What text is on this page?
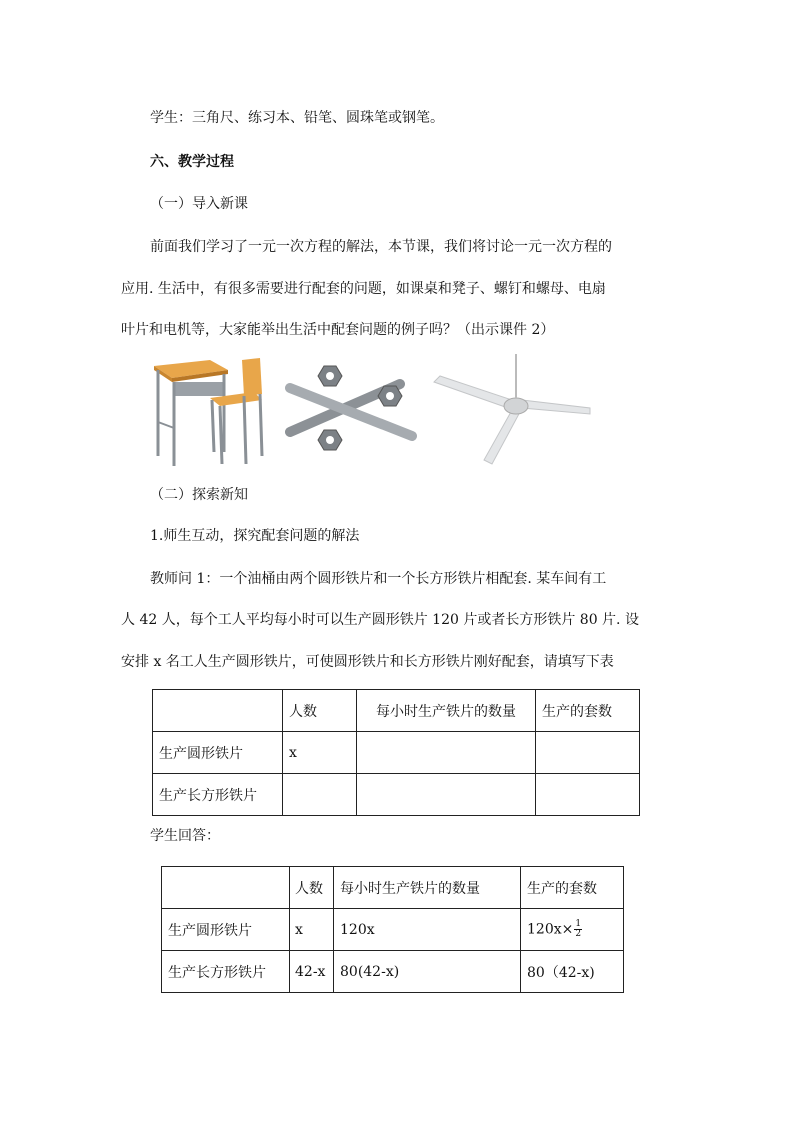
学生：三角尺、练习本、铅笔、圆珠笔或钢笔。
六、教学过程
（一）导入新课
前面我们学习了一元一次方程的解法，本节课，我们将讨论一元一次方程的
应用. 生活中，有很多需要进行配套的问题，如课桌和凳子、螺钉和螺母、电扇
叶片和电机等，大家能举出生活中配套问题的例子吗？（出示课件 2）
（二）探索新知
1.师生互动，探究配套问题的解法
教师问 1：一个油桶由两个圆形铁片和一个长方形铁片相配套. 某车间有工
人 42 人，每个工人平均每小时可以生产圆形铁片 120 片或者长方形铁片 80 片. 设
安排 x 名工人生产圆形铁片，可使圆形铁片和长方形铁片刚好配套，请填写下表
	人数	每小时生产铁片的数量	生产的套数
生产圆形铁片	x		
生产长方形铁片			
学生回答：
	人数	每小时生产铁片的数量	生产的套数
生产圆形铁片	x	120x	$120x\times \frac{1}{2}$

生产长方形铁片	42-x	80(42-x)	80（42-x)
